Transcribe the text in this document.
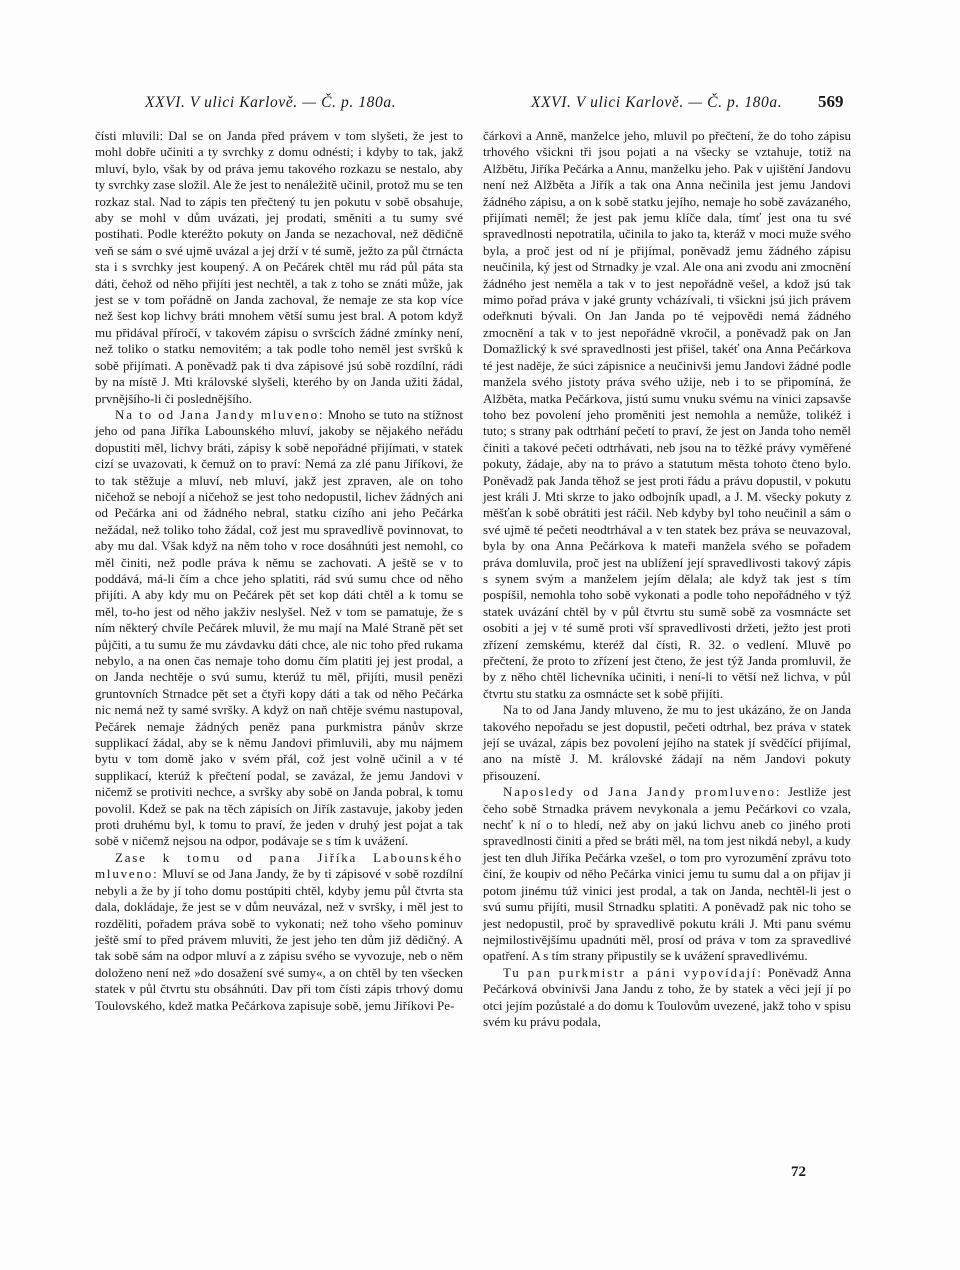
XXVI. V ulici Karlově. — Č. p. 180a.	XXVI. V ulici Karlově. — Č. p. 180a. 569

čísti mluvili: Dal se on Janda před právem v tom slyšeti, že jest to mohl dobře učiniti a ty svrchky z domu odnésti; i kdyby to tak, jakž mluví, bylo, však by od práva jemu takového rozkazu se nestalo, aby ty svrchky zase složil. Ale že jest to nenáležitě učinil, protož mu se ten rozkaz stal. Nad to zápis ten přečtený tu jen pokutu v sobě obsahuje, aby se mohl v dům uvázati, jej prodati, směniti a tu sumy své postihati. Podle kteréžto pokuty on Janda se nezachoval, než dědičně veň se sám o své ujmě uvázal a jej drží v té sumě, ježto za půl čtrnácta sta i s svrchky jest koupený. A on Pečárek chtěl mu rád půl páta sta dáti, čehož od něho přijíti jest nechtěl, a tak z toho se znáti může, jak jest se v tom pořádně on Janda zachoval, že nemaje ze sta kop více než šest kop lichvy bráti mnohem větší sumu jest bral. A potom když mu přidával příročí, v takovém zápisu o svršcích žádné zmínky není, než toliko o statku nemovitém; a tak podle toho neměl jest svršků k sobě přijímati. A poněvadž pak ti dva zápisové jsú sobě rozdílní, rádi by na místě J. Mti královské slyšeli, kterého by on Janda užiti žádal, prvnějšího-li či poslednějšího.

Na to od Jana Jandy mluveno: Mnoho se tuto na stížnost jeho od pana Jiříka Labounského mluví, jakoby se nějakého neřádu dopustiti měl, lichvy bráti, zápisy k sobě nepořádné přijímati, v statek cizí se uvazovati, k čemuž on to praví: Nemá za zlé panu Jiříkovi, že to tak stěžuje a mluví, neb mluví, jakž jest zpraven, ale on toho ničehož se nebojí a ničehož se jest toho nedopustil, lichev žádných ani od Pečárka ani od žádného nebral, statku cizího ani jeho Pečárka nežádal, než toliko toho žádal, což jest mu spravedlivě povinnovat, to aby mu dal. Však když na něm toho v roce dosáhnúti jest nemohl, co měl činiti, než podle práva k němu se zachovati. A ještě se v to poddává, má-li čím a chce jeho splatiti, rád svú sumu chce od něho přijíti. A aby kdy mu on Pečárek pět set kop dáti chtěl a k tomu se měl, to-ho jest od něho jakživ neslyšel. Než v tom se pamatuje, že s ním některý chvíle Pečárek mluvil, že mu mají na Malé Straně pět set půjčiti, a tu sumu že mu závdavku dáti chce, ale nic toho před rukama nebylo, a na onen čas nemaje toho domu čím platiti jej jest prodal, a on Janda nechtěje o svú sumu, kterúž tu měl, přijíti, musil penězi gruntovních Strnadce pět set a čtyři kopy dáti a tak od něho Pečárka nic nemá než ty samé svršky. A když on naň chtěje svému nastupoval, Pečárek nemaje žádných peněz pana purkmistra pánův skrze supplikací žádal, aby se k němu Jandovi přimluvili, aby mu nájmem bytu v tom domě jako v svém přál, což jest volně učinil a v té supplikací, kterúž k přečtení podal, se zavázal, že jemu Jandovi v ničemž se protiviti nechce, a svršky aby sobě on Janda pobral, k tomu povolil. Kdež se pak na těch zápisích on Jiřík zastavuje, jakoby jeden proti druhému byl, k tomu to praví, že jeden v druhý jest pojat a tak sobě v ničemž nejsou na odpor, podávaje se s tím k uvážení.

Zase k tomu od pana Jiříka Labounského mluveno: Mluví se od Jana Jandy, že by ti zápisové v sobě rozdílní nebyli a že by jí toho domu postúpiti chtěl, kdyby jemu půl čtvrta sta dala, dokládaje, že jest se v dům neuvázal, než v svršky, i měl jest to rozděliti, pořadem práva sobě to vykonati; než toho všeho pominuv ještě smí to před právem mluviti, že jest jeho ten dům již dědičný. A tak sobě sám na odpor mluví a z zápisu svého se vyvozuje, neb o něm doloženo není než »do dosažení své sumy«, a on chtěl by ten všecken statek v půl čtvrtu stu obsáhnúti. Dav při tom čísti zápis trhový domu Toulovského, kdež matka Pečárkova zapisuje sobě, jemu Jiříkovi Pe-

čárkovi a Anně, manželce jeho, mluvil po přečtení, že do toho zápisu trhového všickni tři jsou pojati a na všecky se vztahuje, totiž na Alžbětu, Jiříka Pečárka a Annu, manželku jeho. Pak v ujištění Jandovu není než Alžběta a Jiřík a tak ona Anna nečinila jest jemu Jandovi žádného zápisu, a on k sobě statku jejího, nemaje ho sobě zavázaného, přijímati neměl; že jest pak jemu klíče dala, tímť jest ona tu své spravedlnosti nepotratila, učinila to jako ta, kteráž v moci muže svého byla, a proč jest od ní je přijímal, poněvadž jemu žádného zápisu neučinila, ký jest od Strnadky je vzal. Ale ona ani zvodu ani zmocnění žádného jest neměla a tak v to jest nepořádně vešel, a kdož jsú tak mimo pořad práva v jaké grunty vcházívali, ti všickni jsú jich právem odeřknuti bývali. On Jan Janda po té vejpovědi nemá žádného zmocnění a tak v to jest nepořádně vkročil, a poněvadž pak on Jan Domažlický k své spravedlnosti jest přišel, takéť ona Anna Pečárkova té jest naděje, že súci zápisnice a neučinivši jemu Jandovi žádné podle manžela svého jistoty práva svého užije, neb i to se připomíná, že Alžběta, matka Pečárkova, jistú sumu vnuku svému na vinici zapsavše toho bez povolení jeho proměniti jest nemohla a nemůže, tolikéž i tuto; s strany pak odtrhání pečetí to praví, že jest on Janda toho neměl činiti a takové pečeti odtrhávati, neb jsou na to těžké právy vyměřené pokuty, žádaje, aby na to právo a statutum města tohoto čteno bylo. Poněvadž pak Janda těhož se jest proti řádu a právu dopustil, v pokutu jest králi J. Mti skrze to jako odbojník upadl, a J. M. všecky pokuty z měšťan k sobě obrátiti jest ráčil. Neb kdyby byl toho neučinil a sám o své ujmě té pečeti neodtrhával a v ten statek bez práva se neuvazoval, byla by ona Anna Pečárkova k mateři manžela svého se pořadem práva domluvila, proč jest na ublížení její spravedlivosti takový zápis s synem svým a manželem jejím dělala; ale když tak jest s tím pospíšil, nemohla toho sobě vykonati a podle toho nepořádného v týž statek uvázání chtěl by v půl čtvrtu stu sumě sobě za vosmnácte set osobiti a jej v té sumě proti vší spravedlivosti držeti, ježto jest proti zřízení zemskému, kteréž dal čísti, R. 32. o vedlení. Mluvě po přečtení, že proto to zřízení jest čteno, že jest týž Janda promluvil, že by z něho chtěl lichevníka učiniti, i není-li to větší než lichva, v půl čtvrtu stu statku za osmnácte set k sobě přijíti.

Na to od Jana Jandy mluveno, že mu to jest ukázáno, že on Janda takového nepořadu se jest dopustil, pečeti odtrhal, bez práva v statek její se uvázal, zápis bez povolení jejího na statek jí svědčící přijímal, ano na místě J. M. královské žádají na něm Jandovi pokuty přisouzení.

Naposledy od Jana Jandy promluveno: Jestliže jest čeho sobě Strnadka právem nevykonala a jemu Pečárkovi co vzala, nechť k ní o to hledí, než aby on jakú lichvu aneb co jiného proti spravedlnosti činiti a před se bráti měl, na tom jest nikdá nebyl, a kudy jest ten dluh Jiříka Pečárka vzešel, o tom pro vyrozumění zprávu toto činí, že koupiv od něho Pečárka vinici jemu tu sumu dal a on přijav ji potom jinému túž vinici jest prodal, a tak on Janda, nechtěl-li jest o svú sumu přijíti, musil Strnadku splatiti. A poněvadž pak nic toho se jest nedopustil, proč by spravedlivě pokutu králi J. Mti panu svému nejmilostivějšímu upadnúti měl, prosí od práva v tom za spravedlivé opatření. A s tím strany připustily se k uvážení spravedlivému.

Tu pan purkmistr a páni vypovídají: Poněvadž Anna Pečárková obvinivši Jana Jandu z toho, že by statek a věci její jí po otci jejím pozůstalé a do domu k Toulovům uvezené, jakž toho v spisu svém ku právu podala,

72
